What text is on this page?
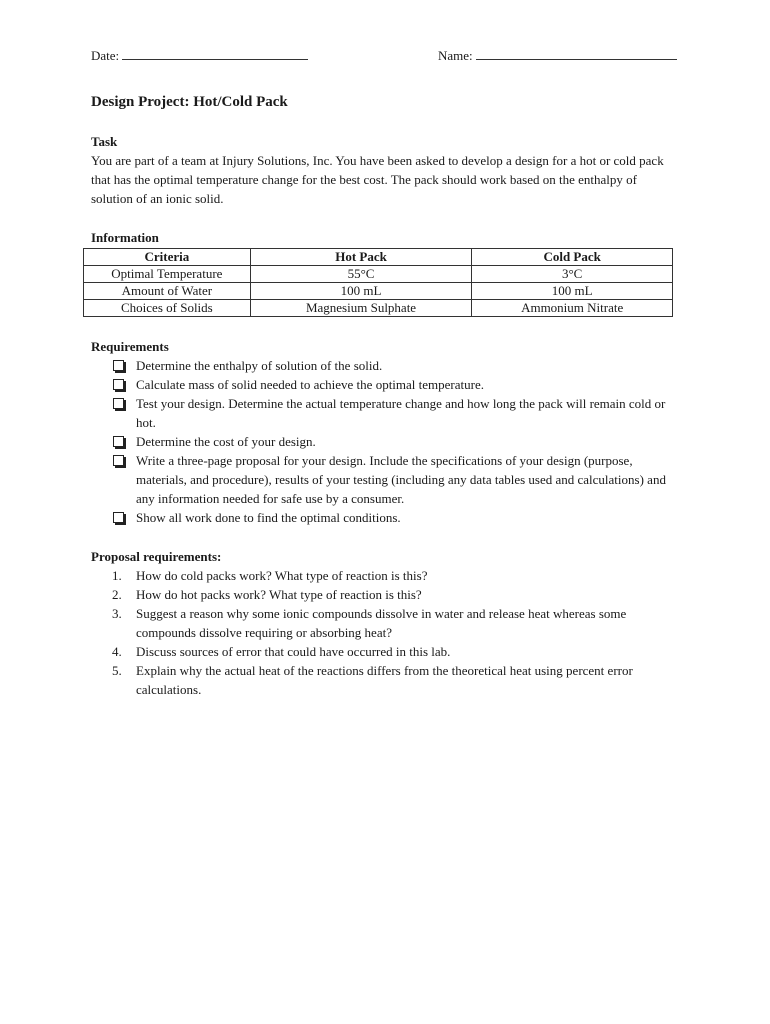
Date:	Name:
Design Project: Hot/Cold Pack
Task

You are part of a team at Injury Solutions, Inc. You have been asked to develop a design for a hot or cold pack that has the optimal temperature change for the best cost. The pack should work based on the enthalpy of solution of an ionic solid.

Information
Criteria	Hot Pack	Cold Pack
Optimal Temperature	55°C	3°C
Amount of Water	100 mL	100 mL
Choices of Solids	Magnesium Sulphate	Ammonium Nitrate
Requirements
Determine the enthalpy of solution of the solid.
Calculate mass of solid needed to achieve the optimal temperature.
Test your design. Determine the actual temperature change and how long the pack will remain cold or hot.
Determine the cost of your design.
Write a three-page proposal for your design. Include the specifications of your design (purpose, materials, and procedure), results of your testing (including any data tables used and calculations) and any information needed for safe use by a consumer.
Show all work done to find the optimal conditions.
Proposal requirements:
1. How do cold packs work? What type of reaction is this?
2. How do hot packs work? What type of reaction is this?
3. Suggest a reason why some ionic compounds dissolve in water and release heat whereas some compounds dissolve requiring or absorbing heat?
4. Discuss sources of error that could have occurred in this lab.
5. Explain why the actual heat of the reactions differs from the theoretical heat using percent error calculations.
